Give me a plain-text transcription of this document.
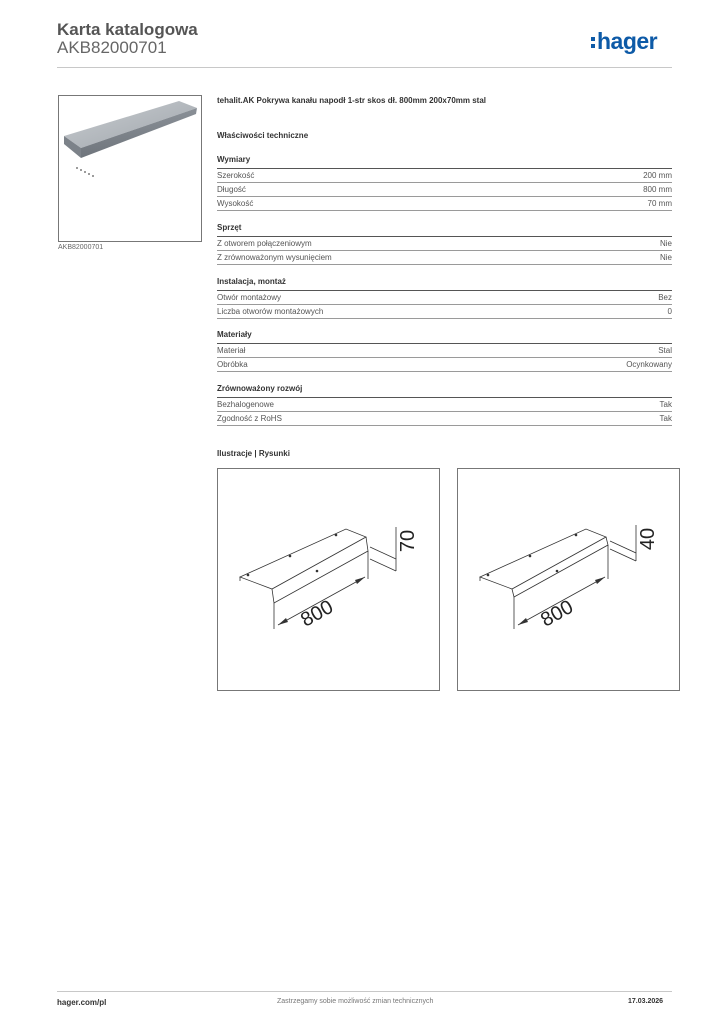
Karta katalogowa
AKB82000701	hager
AKB82000701
tehalit.AK Pokrywa kanału napodł 1-str skos dł. 800mm 200x70mm stal
Właściwości techniczne
Wymiary
Szerokość	200 mm
Długość	800 mm
Wysokość	70 mm
Sprzęt
Z otworem połączeniowym	Nie
Z zrównoważonym wysunięciem	Nie
Instalacja, montaż
Otwór montażowy	Bez
Liczba otworów montażowych	0
Materiały
Materiał	Stal
Obróbka	Ocynkowany
Zrównoważony rozwój
Bezhalogenowe	Tak
Zgodność z RoHS	Tak
Ilustracje | Rysunki
800
70
800
40
hager.com/pl	Zastrzegamy sobie możliwość zmian technicznych	17.03.2026
